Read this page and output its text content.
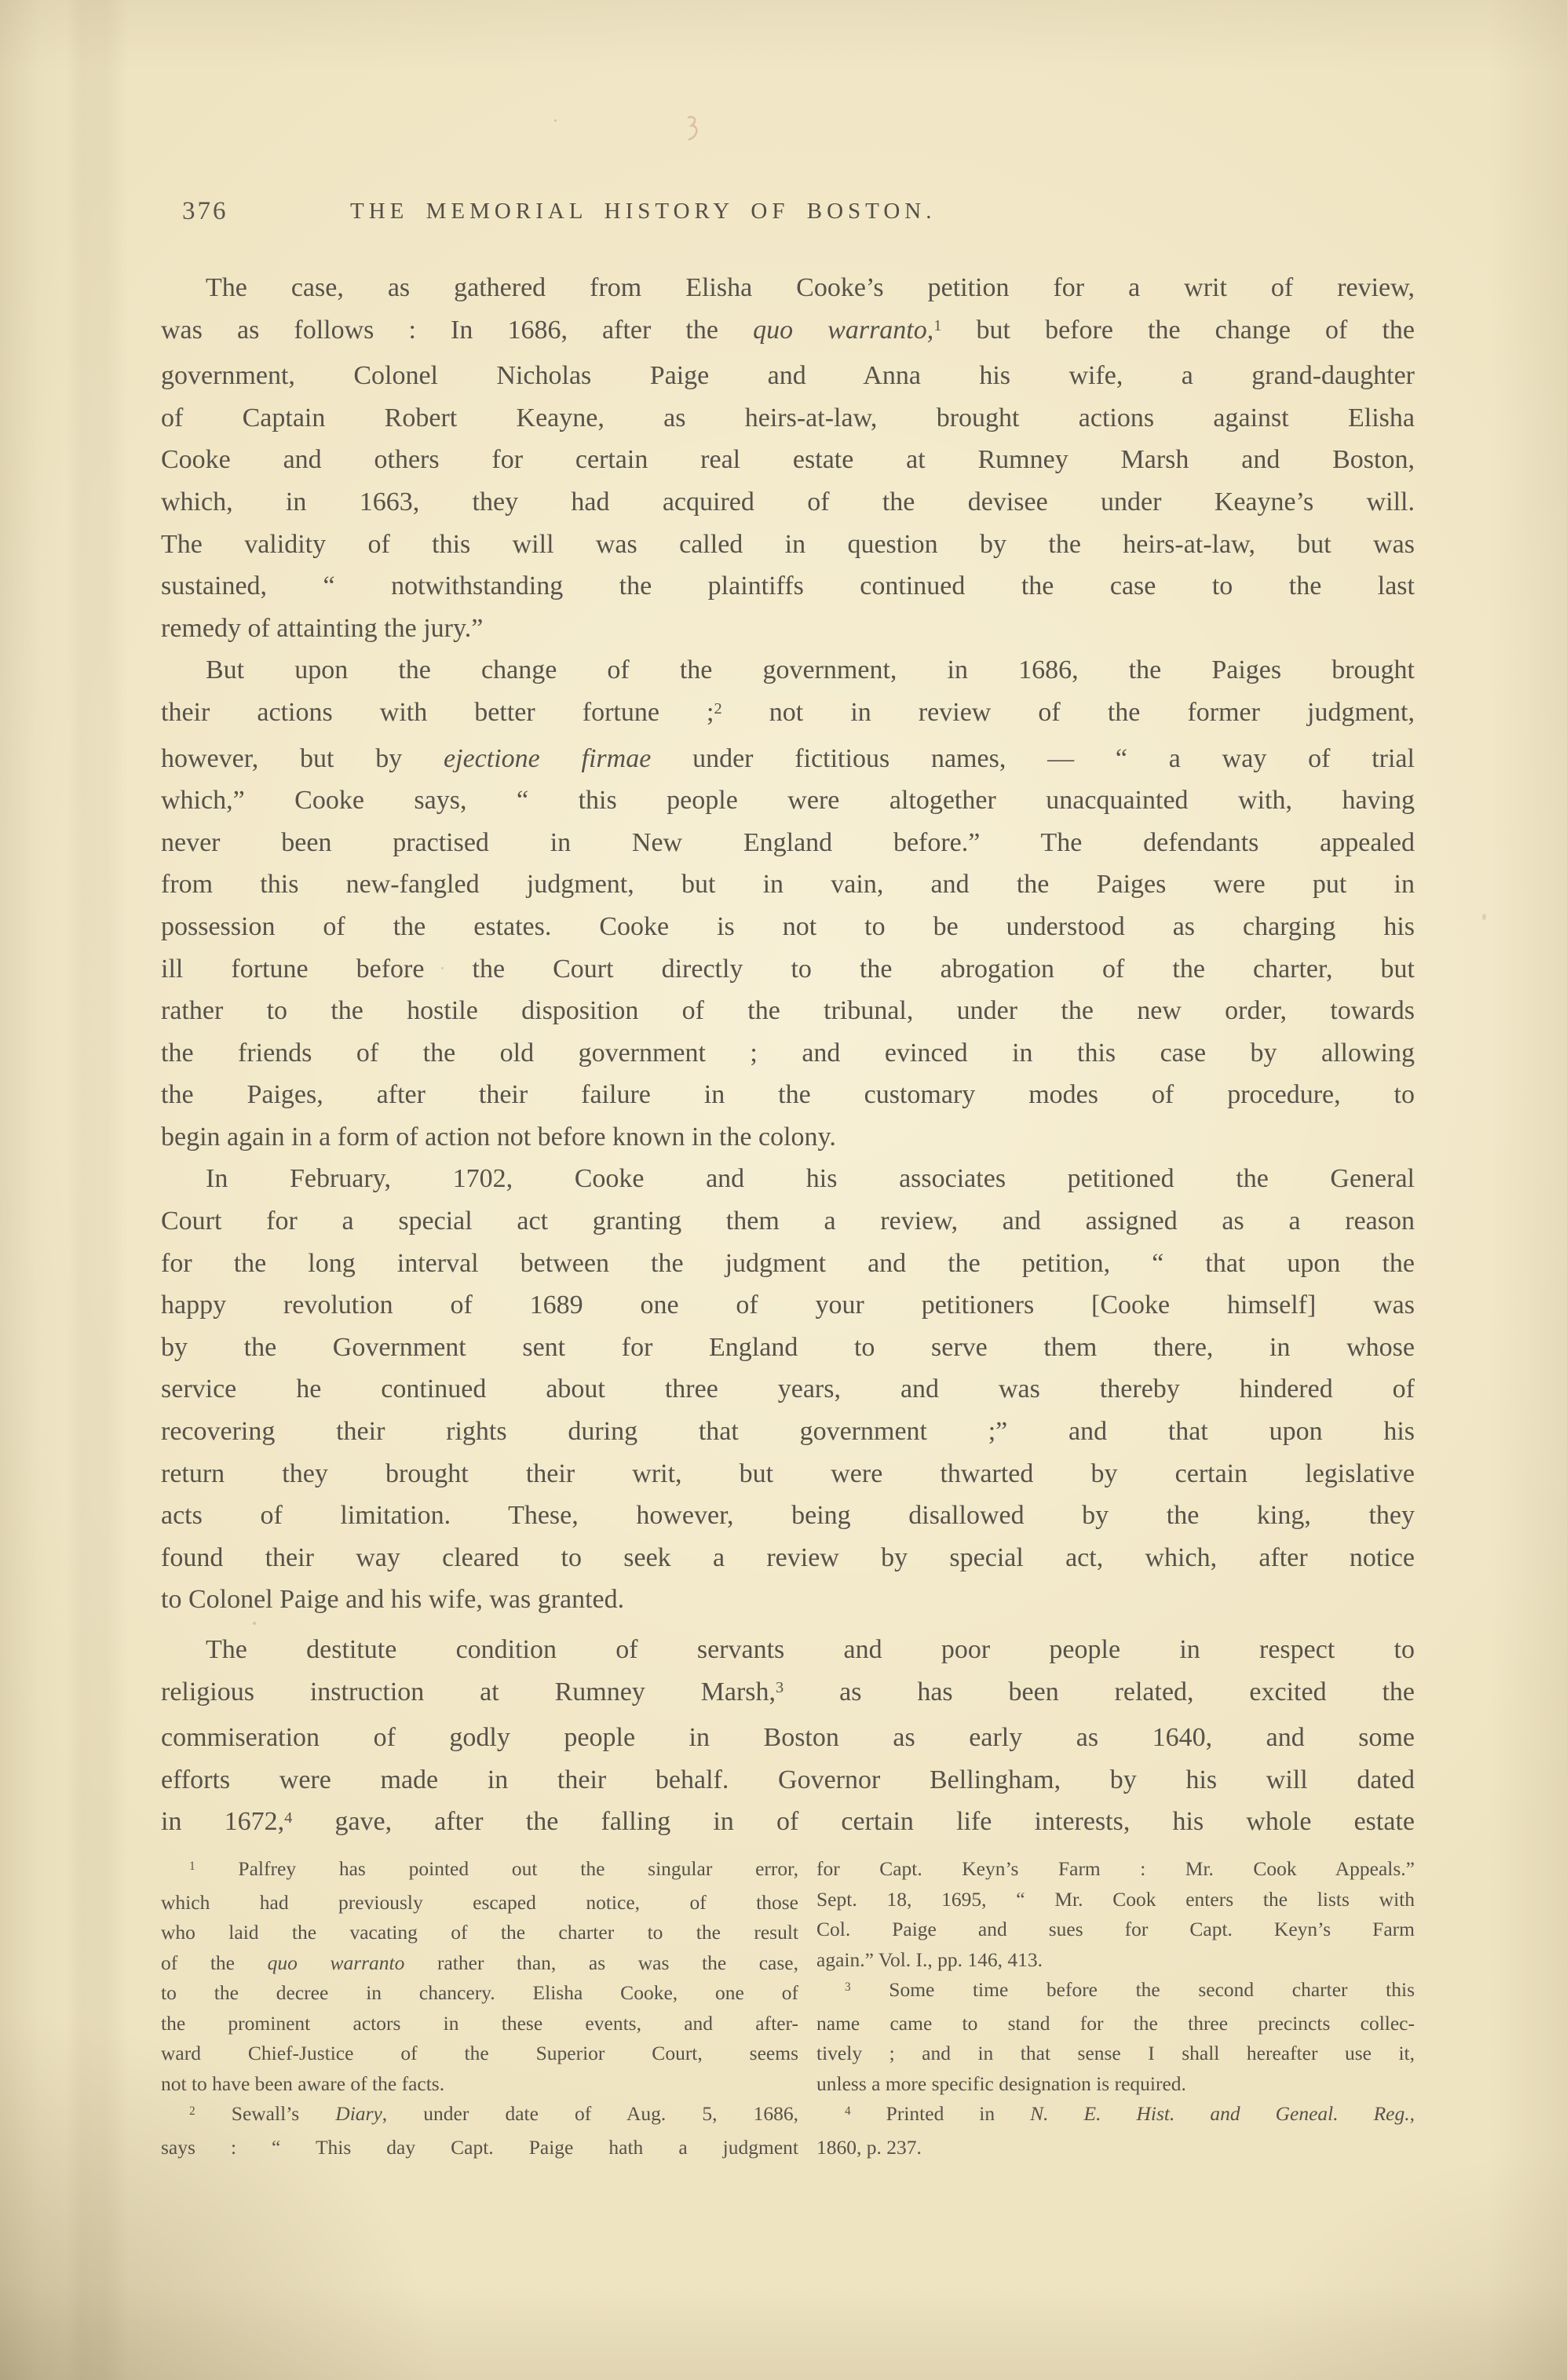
376	THE MEMORIAL HISTORY OF BOSTON.
The case, as gathered from Elisha Cooke’s petition for a writ of review,
was as follows : In 1686, after the quo warranto,$^1$ but before the change of the
government, Colonel Nicholas Paige and Anna his wife, a grand-daughter
of Captain Robert Keayne, as heirs-at-law, brought actions against Elisha
Cooke and others for certain real estate at Rumney Marsh and Boston,
which, in 1663, they had acquired of the devisee under Keayne’s will.
The validity of this will was called in question by the heirs-at-law, but was
sustained, “ notwithstanding the plaintiffs continued the case to the last
remedy of attainting the jury.”
But upon the change of the government, in 1686, the Paiges brought
their actions with better fortune ;$^2$ not in review of the former judgment,
however, but by ejectione firmae under fictitious names, — “ a way of trial
which,” Cooke says, “ this people were altogether unacquainted with, having
never been practised in New England before.” The defendants appealed
from this new-fangled judgment, but in vain, and the Paiges were put in
possession of the estates. Cooke is not to be understood as charging his
ill fortune before the Court directly to the abrogation of the charter, but
rather to the hostile disposition of the tribunal, under the new order, towards
the friends of the old government ; and evinced in this case by allowing
the Paiges, after their failure in the customary modes of procedure, to
begin again in a form of action not before known in the colony.
In February, 1702, Cooke and his associates petitioned the General
Court for a special act granting them a review, and assigned as a reason
for the long interval between the judgment and the petition, “ that upon the
happy revolution of 1689 one of your petitioners [Cooke himself] was
by the Government sent for England to serve them there, in whose
service he continued about three years, and was thereby hindered of
recovering their rights during that government ;” and that upon his
return they brought their writ, but were thwarted by certain legislative
acts of limitation. These, however, being disallowed by the king, they
found their way cleared to seek a review by special act, which, after notice
to Colonel Paige and his wife, was granted.
The destitute condition of servants and poor people in respect to
religious instruction at Rumney Marsh,$^3$ as has been related, excited the
commiseration of godly people in Boston as early as 1640, and some
efforts were made in their behalf. Governor Bellingham, by his will dated
in 1672,$^4$ gave, after the falling in of certain life interests, his whole estate
$^1$ Palfrey has pointed out the singular error,
which had previously escaped notice, of those
who laid the vacating of the charter to the result
of the quo warranto rather than, as was the case,
to the decree in chancery. Elisha Cooke, one of
the prominent actors in these events, and after-
ward Chief-Justice of the Superior Court, seems
not to have been aware of the facts.
$^2$ Sewall’s Diary, under date of Aug. 5, 1686,
says : “ This day Capt. Paige hath a judgment
for Capt. Keyn’s Farm : Mr. Cook Appeals.”
Sept. 18, 1695, “ Mr. Cook enters the lists with
Col. Paige and sues for Capt. Keyn’s Farm
again.” Vol. I., pp. 146, 413.
$^3$ Some time before the second charter this
name came to stand for the three precincts collec-
tively ; and in that sense I shall hereafter use it,
unless a more specific designation is required.
$^4$ Printed in N. E. Hist. and Geneal. Reg.,
1860, p. 237.
